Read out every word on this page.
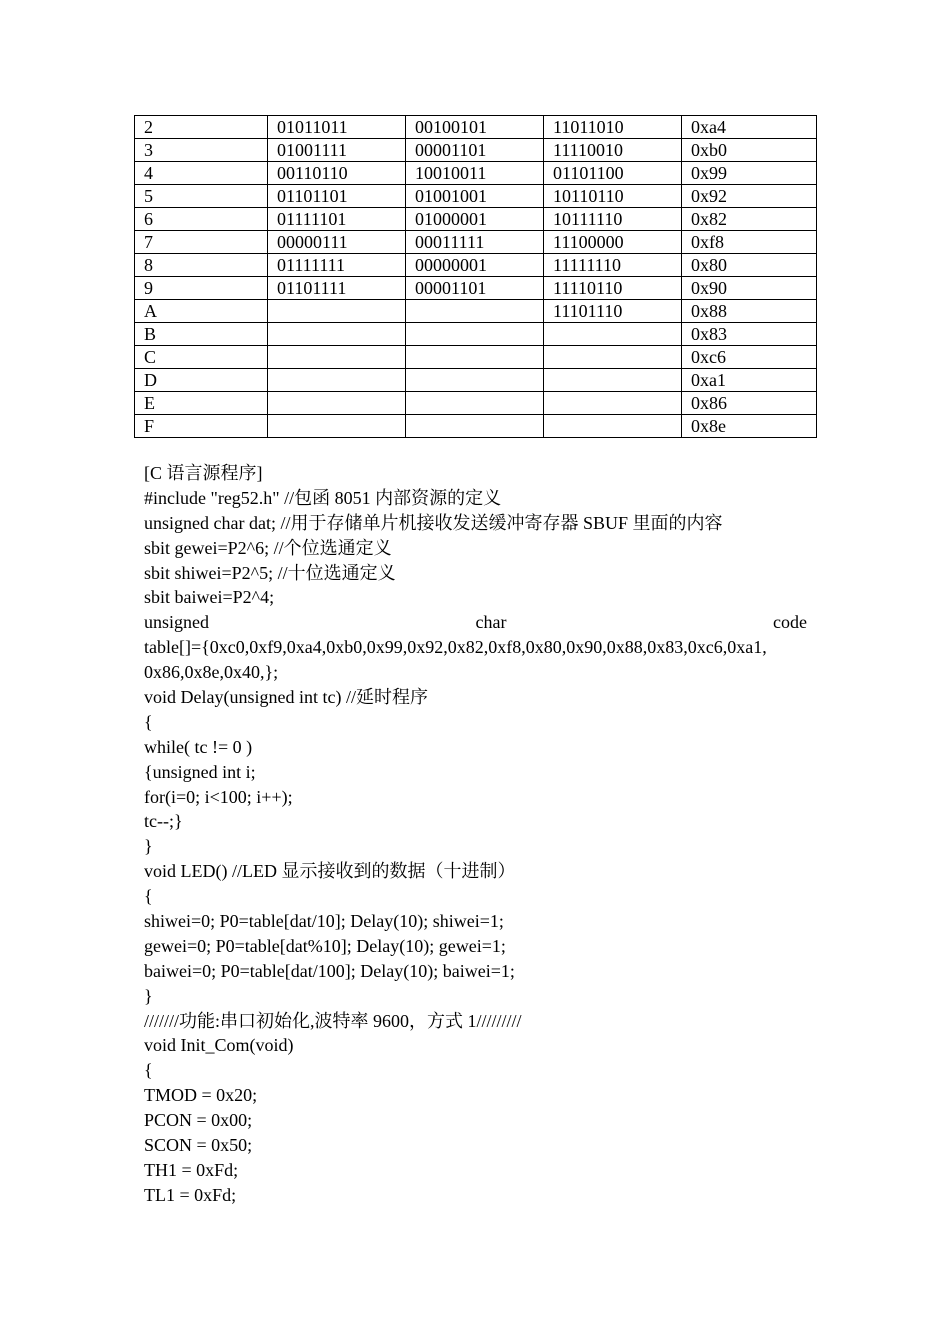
2	01011011	00100101	11011010	0xa4
3	01001111	00001101	11110010	0xb0
4	00110110	10010011	01101100	0x99
5	01101101	01001001	10110110	0x92
6	01111101	01000001	10111110	0x82
7	00000111	00011111	11100000	0xf8
8	01111111	00000001	11111110	0x80
9	01101111	00001101	11110110	0x90
A			11101110	0x88
B				0x83
C				0xc6
D				0xa1
E				0x86
F				0x8e
[C 语言源程序]
#include "reg52.h" //包函 8051 内部资源的定义
unsigned char dat; //用于存储单片机接收发送缓冲寄存器 SBUF 里面的内容
sbit gewei=P2^6; //个位选通定义
sbit shiwei=P2^5; //十位选通定义
sbit baiwei=P2^4;
unsigned	char	code
table[]={0xc0,0xf9,0xa4,0xb0,0x99,0x92,0x82,0xf8,0x80,0x90,0x88,0x83,0xc6,0xa1,
0x86,0x8e,0x40,};
void Delay(unsigned int tc) //延时程序
{
while( tc != 0 )
{unsigned int i;
for(i=0; i<100; i++);
tc--;}
}
void LED() //LED 显示接收到的数据（十进制）
{
shiwei=0; P0=table[dat/10]; Delay(10); shiwei=1;
gewei=0; P0=table[dat%10]; Delay(10); gewei=1;
baiwei=0; P0=table[dat/100]; Delay(10); baiwei=1;
}
///////功能:串口初始化,波特率 9600，方式 1/////////
void Init_Com(void)
{
TMOD = 0x20;
PCON = 0x00;
SCON = 0x50;
TH1 = 0xFd;
TL1 = 0xFd;
